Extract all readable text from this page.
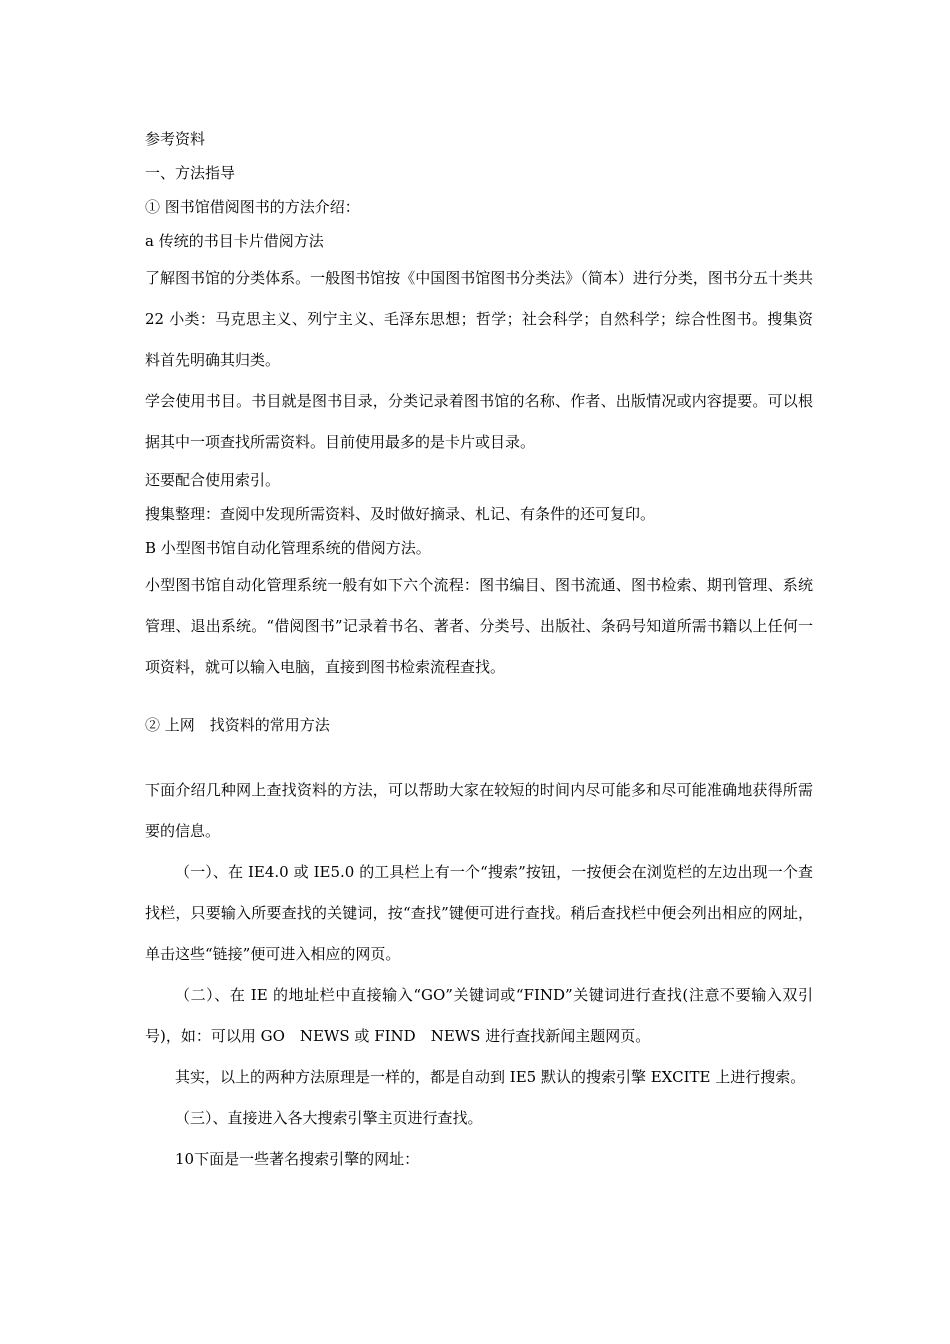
参考资料

一、方法指导

① 图书馆借阅图书的方法介绍：

a 传统的书目卡片借阅方法

了解图书馆的分类体系。一般图书馆按《中国图书馆图书分类法》（简本）进行分类，图书分五十类共 22 小类：马克思主义、列宁主义、毛泽东思想；哲学；社会科学；自然科学；综合性图书。搜集资料首先明确其归类。

学会使用书目。书目就是图书目录，分类记录着图书馆的名称、作者、出版情况或内容提要。可以根据其中一项查找所需资料。目前使用最多的是卡片或目录。

还要配合使用索引。

搜集整理：查阅中发现所需资料、及时做好摘录、札记、有条件的还可复印。

B 小型图书馆自动化管理系统的借阅方法。

小型图书馆自动化管理系统一般有如下六个流程：图书编目、图书流通、图书检索、期刊管理、系统管理、退出系统。“借阅图书”记录着书名、著者、分类号、出版社、条码号知道所需书籍以上任何一项资料，就可以输入电脑，直接到图书检索流程查找。

② 上网　找资料的常用方法

下面介绍几种网上查找资料的方法，可以帮助大家在较短的时间内尽可能多和尽可能准确地获得所需要的信息。

（一）、在 IE4.0 或 IE5.0 的工具栏上有一个“搜索”按钮，一按便会在浏览栏的左边出现一个查找栏，只要输入所要查找的关键词，按“查找”键便可进行查找。稍后查找栏中便会列出相应的网址，单击这些“链接”便可进入相应的网页。

（二）、在 IE 的地址栏中直接输入“GO”关键词或“FIND”关键词进行查找(注意不要输入双引号)，如：可以用 GO　NEWS 或 FIND　NEWS 进行查找新闻主题网页。

其实，以上的两种方法原理是一样的，都是自动到 IE5 默认的搜索引擎 EXCITE 上进行搜索。

（三）、直接进入各大搜索引擎主页进行查找。

10下面是一些著名搜索引擎的网址：
